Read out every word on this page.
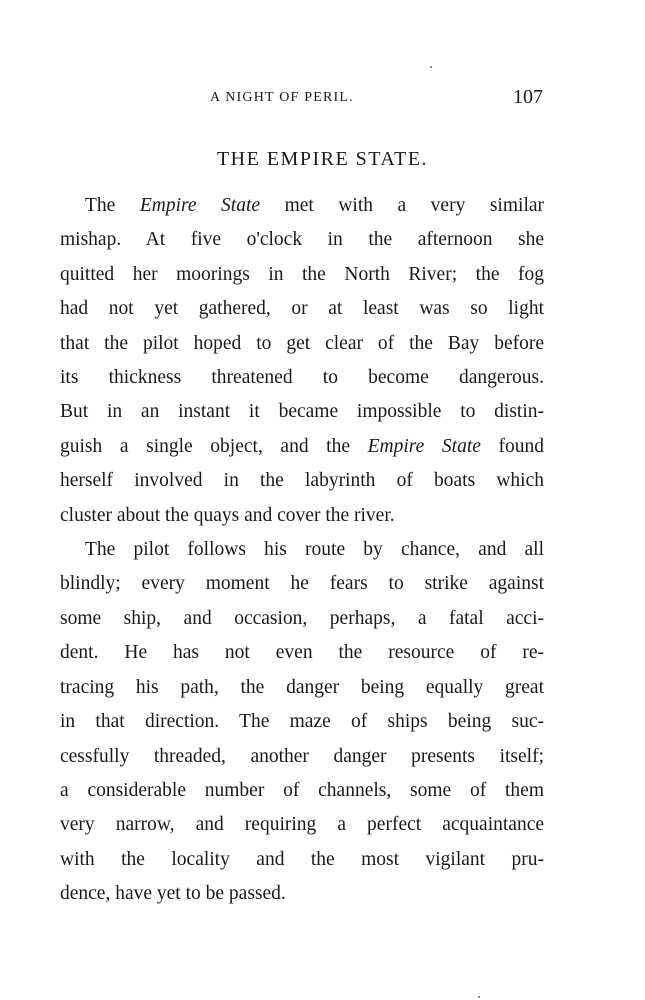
A NIGHT OF PERIL.	107
THE EMPIRE STATE.
The Empire State met with a very similar
mishap. At five o'clock in the afternoon she
quitted her moorings in the North River; the fog
had not yet gathered, or at least was so light
that the pilot hoped to get clear of the Bay before
its thickness threatened to become dangerous.
But in an instant it became impossible to distin-
guish a single object, and the Empire State found
herself involved in the labyrinth of boats which
cluster about the quays and cover the river.
The pilot follows his route by chance, and all
blindly; every moment he fears to strike against
some ship, and occasion, perhaps, a fatal acci-
dent. He has not even the resource of re-
tracing his path, the danger being equally great
in that direction. The maze of ships being suc-
cessfully threaded, another danger presents itself;
a considerable number of channels, some of them
very narrow, and requiring a perfect acquaintance
with the locality and the most vigilant pru-
dence, have yet to be passed.
